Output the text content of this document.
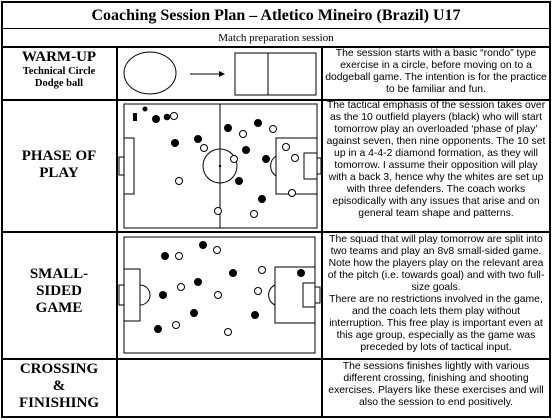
Coaching Session Plan – Atletico Mineiro (Brazil) U17
Match preparation session
WARM-UP
Technical Circle
Dodge ball
The session starts with a basic “rondo” type exercise in a circle, before moving on to a dodgeball game. The intention is for the practice to be familiar and fun.
PHASE OF
PLAY
The tactical emphasis of the session takes over as the 10 outfield players (black) who will start tomorrow play an overloaded ‘phase of play’ against seven, then nine opponents. The 10 set up in a 4-4-2 diamond formation, as they will tomorrow. I assume their opposition will play with a back 3, hence why the whites are set up with three defenders. The coach works episodically with any issues that arise and on general team shape and patterns.
SMALL-
SIDED
GAME
The squad that will play tomorrow are split into two teams and play an 8v8 small-sided game. Note how the players play on the relevant area of the pitch (i.e. towards goal) and with two full-size goals.
There are no restrictions involved in the game, and the coach lets them play without interruption. This free play is important even at this age group, especially as the game was preceded by lots of tactical input.
CROSSING
&
FINISHING
The sessions finishes lightly with various different crossing, finishing and shooting exercises. Players like these exercises and will also the session to end positively.
